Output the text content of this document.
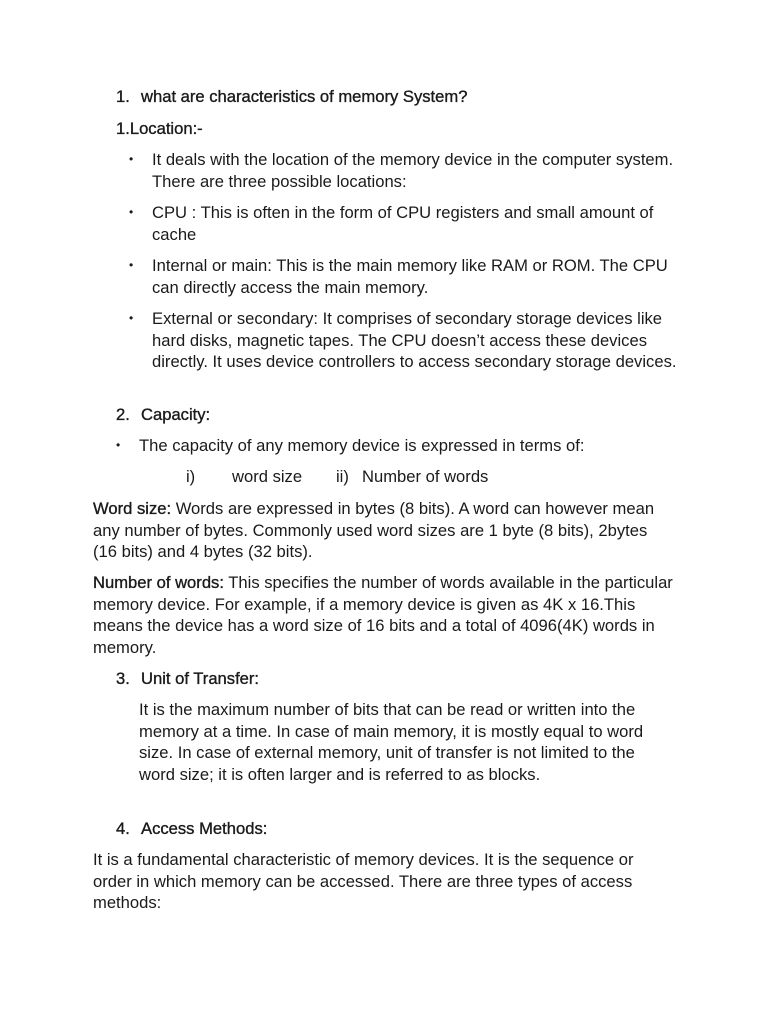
1. what are characteristics of memory System?
1.Location:-
•	It deals with the location of the memory device in the computer system. There are three possible locations:
•	CPU : This is often in the form of CPU registers and small amount of cache
•	Internal or main: This is the main memory like RAM or ROM. The CPU can directly access the main memory.
•	External or secondary: It comprises of secondary storage devices like hard disks, magnetic tapes. The CPU doesn’t access these devices directly. It uses device controllers to access secondary storage devices.
2. Capacity:
•	The capacity of any memory device is expressed in terms of:
i) word size ii) Number of words

Word size: Words are expressed in bytes (8 bits). A word can however mean any number of bytes. Commonly used word sizes are 1 byte (8 bits), 2bytes (16 bits) and 4 bytes (32 bits).

Number of words: This specifies the number of words available in the particular memory device. For example, if a memory device is given as 4K x 16.This means the device has a word size of 16 bits and a total of 4096(4K) words in memory.

3. Unit of Transfer:

It is the maximum number of bits that can be read or written into the memory at a time. In case of main memory, it is mostly equal to word size. In case of external memory, unit of transfer is not limited to the word size; it is often larger and is referred to as blocks.

4. Access Methods:

It is a fundamental characteristic of memory devices. It is the sequence or order in which memory can be accessed. There are three types of access methods:
